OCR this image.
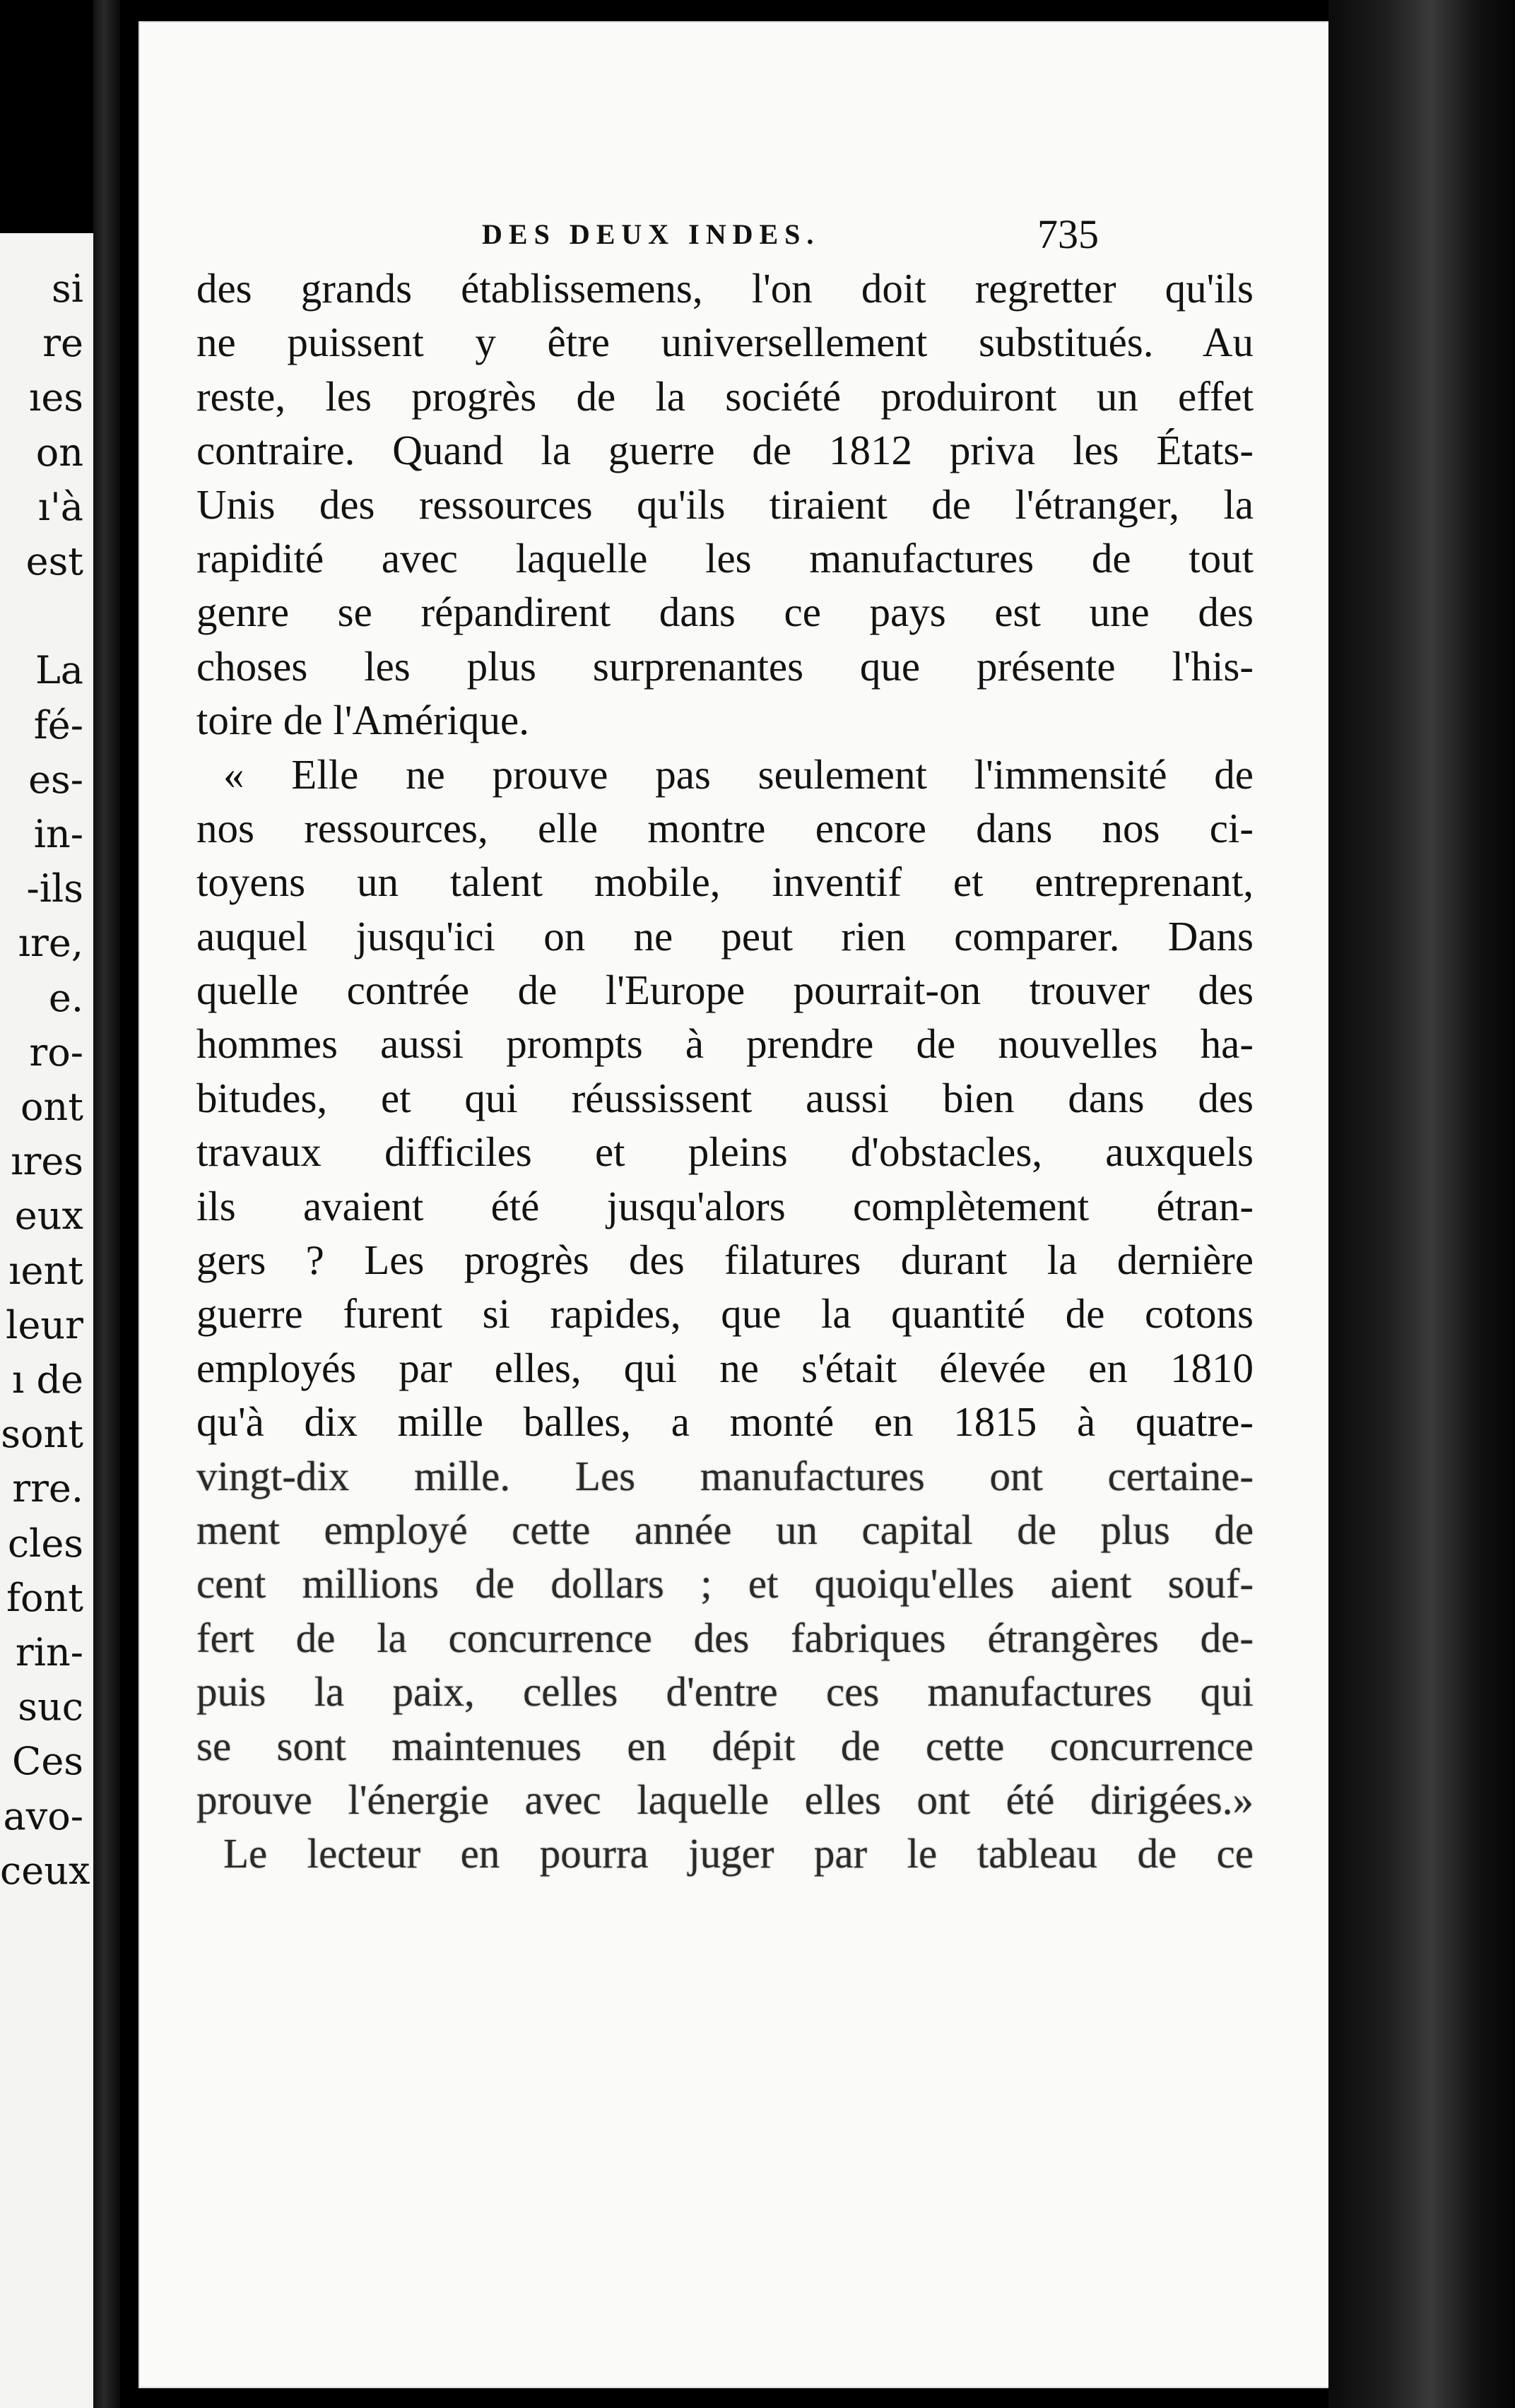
si
re
ıes
on
ı'à
est

La
fé-
es-
in-
-ils
ıre,
e.
ro-
ont
ıres
eux
ıent
leur
ı de
sont
rre.
cles
font
rin-
suc
Ces
avo-
ceux
DES DEUX INDES.	735
des grands établissemens, l'on doit regretter qu'ils
ne puissent y être universellement substitués. Au
reste, les progrès de la société produiront un effet
contraire. Quand la guerre de 1812 priva les États-
Unis des ressources qu'ils tiraient de l'étranger, la
rapidité avec laquelle les manufactures de tout
genre se répandirent dans ce pays est une des
choses les plus surprenantes que présente l'his-
toire de l'Amérique.
« Elle ne prouve pas seulement l'immensité de
nos ressources, elle montre encore dans nos ci-
toyens un talent mobile, inventif et entreprenant,
auquel jusqu'ici on ne peut rien comparer. Dans
quelle contrée de l'Europe pourrait-on trouver des
hommes aussi prompts à prendre de nouvelles ha-
bitudes, et qui réussissent aussi bien dans des
travaux difficiles et pleins d'obstacles, auxquels
ils avaient été jusqu'alors complètement étran-
gers ? Les progrès des filatures durant la dernière
guerre furent si rapides, que la quantité de cotons
employés par elles, qui ne s'était élevée en 1810
qu'à dix mille balles, a monté en 1815 à quatre-
vingt-dix mille. Les manufactures ont certaine-
ment employé cette année un capital de plus de
cent millions de dollars ; et quoiqu'elles aient souf-
fert de la concurrence des fabriques étrangères de-
puis la paix, celles d'entre ces manufactures qui
se sont maintenues en dépit de cette concurrence
prouve l'énergie avec laquelle elles ont été dirigées.»
Le lecteur en pourra juger par le tableau de ce
